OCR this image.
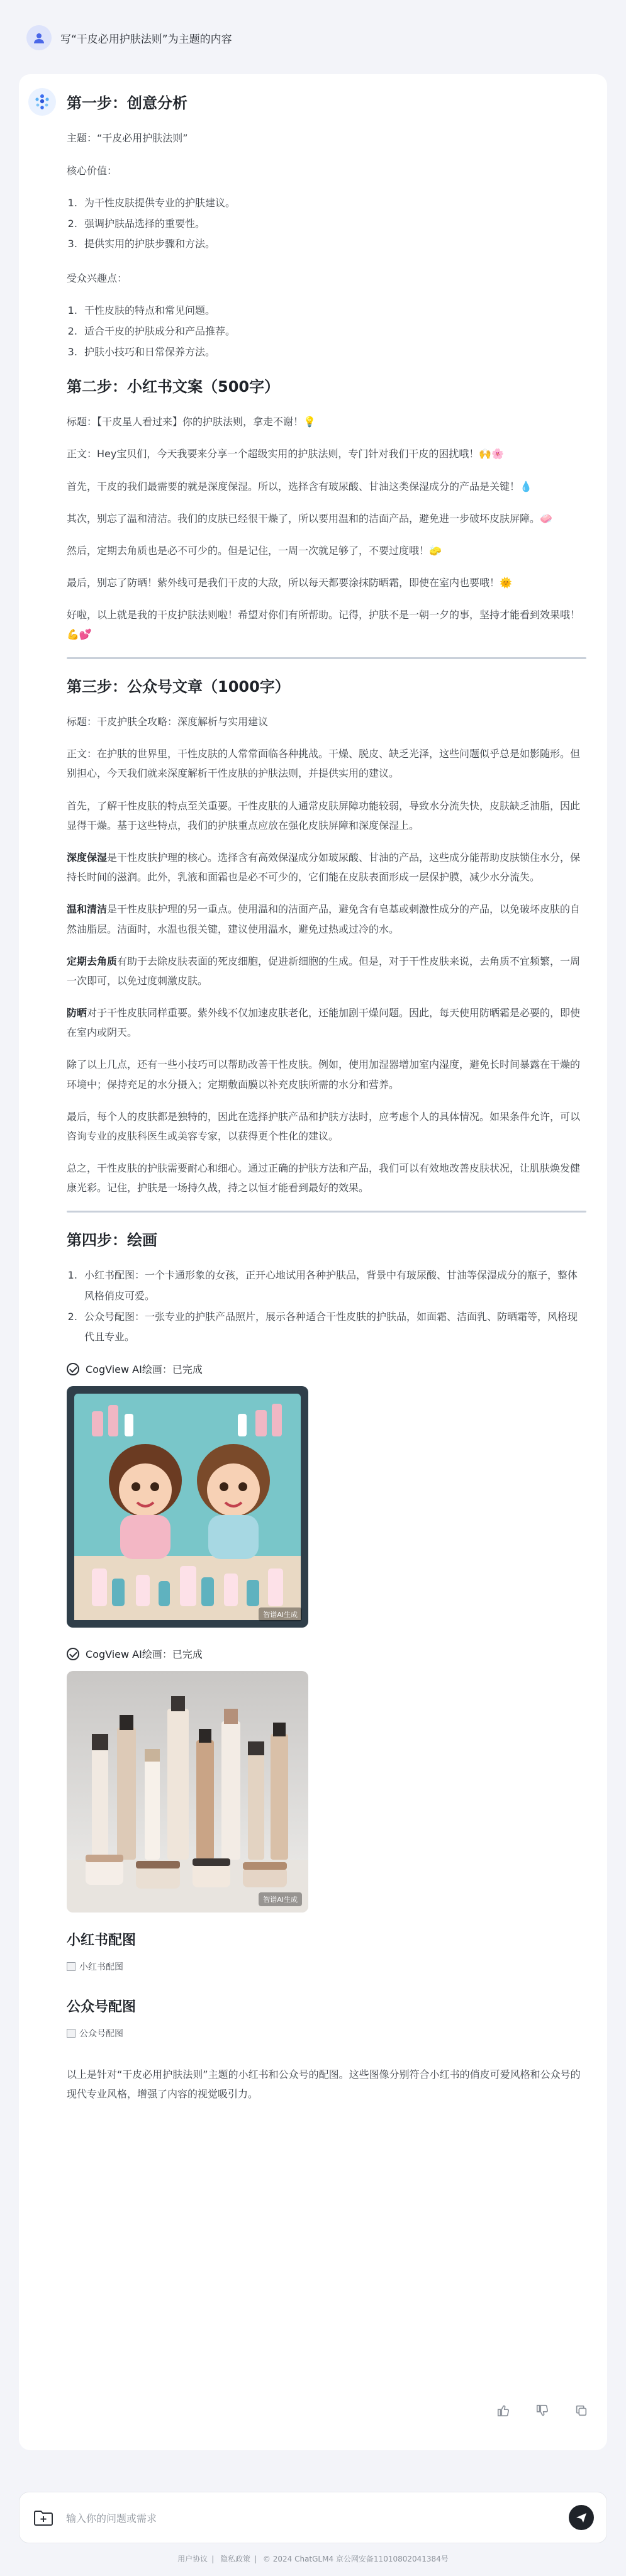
写“干皮必用护肤法则”为主题的内容
第一步：创意分析

主题：“干皮必用护肤法则”

核心价值：

1. 为干性皮肤提供专业的护肤建议。
2. 强调护肤品选择的重要性。
3. 提供实用的护肤步骤和方法。

受众兴趣点：

1. 干性皮肤的特点和常见问题。
2. 适合干皮的护肤成分和产品推荐。
3. 护肤小技巧和日常保养方法。
第二步：小红书文案（500字）

标题：【干皮星人看过来】你的护肤法则，拿走不谢！💡

正文：Hey宝贝们，今天我要来分享一个超级实用的护肤法则，专门针对我们干皮的困扰哦！🙌🌸

首先，干皮的我们最需要的就是深度保湿。所以，选择含有玻尿酸、甘油这类保湿成分的产品是关键！💧

其次，别忘了温和清洁。我们的皮肤已经很干燥了，所以要用温和的洁面产品，避免进一步破坏皮肤屏障。🧼

然后，定期去角质也是必不可少的。但是记住，一周一次就足够了，不要过度哦！🧽

最后，别忘了防晒！紫外线可是我们干皮的大敌，所以每天都要涂抹防晒霜，即使在室内也要哦！🌞

好啦，以上就是我的干皮护肤法则啦！希望对你们有所帮助。记得，护肤不是一朝一夕的事，坚持才能看到效果哦！💪💕

第三步：公众号文章（1000字）

标题：干皮护肤全攻略：深度解析与实用建议

正文：在护肤的世界里，干性皮肤的人常常面临各种挑战。干燥、脱皮、缺乏光泽，这些问题似乎总是如影随形。但别担心，今天我们就来深度解析干性皮肤的护肤法则，并提供实用的建议。

首先，了解干性皮肤的特点至关重要。干性皮肤的人通常皮肤屏障功能较弱，导致水分流失快，皮肤缺乏油脂，因此显得干燥。基于这些特点，我们的护肤重点应放在强化皮肤屏障和深度保湿上。

深度保湿是干性皮肤护理的核心。选择含有高效保湿成分如玻尿酸、甘油的产品，这些成分能帮助皮肤锁住水分，保持长时间的滋润。此外，乳液和面霜也是必不可少的，它们能在皮肤表面形成一层保护膜，减少水分流失。

温和清洁是干性皮肤护理的另一重点。使用温和的洁面产品，避免含有皂基或刺激性成分的产品，以免破坏皮肤的自然油脂层。洁面时，水温也很关键，建议使用温水，避免过热或过冷的水。

定期去角质有助于去除皮肤表面的死皮细胞，促进新细胞的生成。但是，对于干性皮肤来说，去角质不宜频繁，一周一次即可，以免过度刺激皮肤。

防晒对于干性皮肤同样重要。紫外线不仅加速皮肤老化，还能加剧干燥问题。因此，每天使用防晒霜是必要的，即使在室内或阴天。

除了以上几点，还有一些小技巧可以帮助改善干性皮肤。例如，使用加湿器增加室内湿度，避免长时间暴露在干燥的环境中；保持充足的水分摄入；定期敷面膜以补充皮肤所需的水分和营养。

最后，每个人的皮肤都是独特的，因此在选择护肤产品和护肤方法时，应考虑个人的具体情况。如果条件允许，可以咨询专业的皮肤科医生或美容专家，以获得更个性化的建议。

总之，干性皮肤的护肤需要耐心和细心。通过正确的护肤方法和产品，我们可以有效地改善皮肤状况，让肌肤焕发健康光彩。记住，护肤是一场持久战，持之以恒才能看到最好的效果。

第四步：绘画
1. 小红书配图：一个卡通形象的女孩，正开心地试用各种护肤品，背景中有玻尿酸、甘油等保湿成分的瓶子，整体风格俏皮可爱。
2. 公众号配图：一张专业的护肤产品照片，展示各种适合干性皮肤的护肤品，如面霜、洁面乳、防晒霜等，风格现代且专业。
CogView AI绘画：已完成
智谱AI生成
CogView AI绘画：已完成
智谱AI生成
小红书配图
小红书配图
公众号配图
公众号配图

以上是针对“干皮必用护肤法则”主题的小红书和公众号的配图。这些图像分别符合小红书的俏皮可爱风格和公众号的现代专业风格，增强了内容的视觉吸引力。

输入你的问题或需求
用户协议 | 隐私政策 | © 2024 ChatGLM4 京公网安备11010802041384号
